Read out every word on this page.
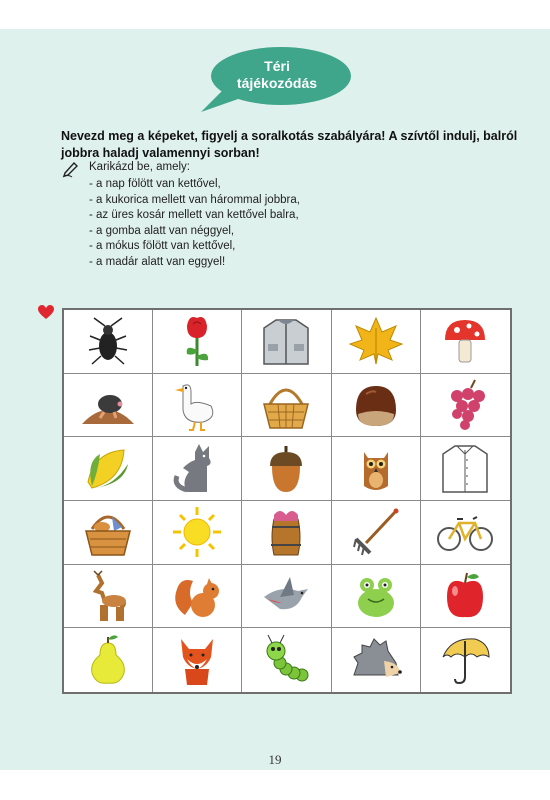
Téri
tájékozódás
Nevezd meg a képeket, figyelj a soralkotás szabályára! A szívtől indulj, balról jobbra haladj valamennyi sorban!
Karikázd be, amely:
- a nap fölött van kettővel,
- a kukorica mellett van hárommal jobbra,
- az üres kosár mellett van kettővel balra,
- a gomba alatt van néggyel,
- a mókus fölött van kettővel,
- a madár alatt van eggyel!
19
